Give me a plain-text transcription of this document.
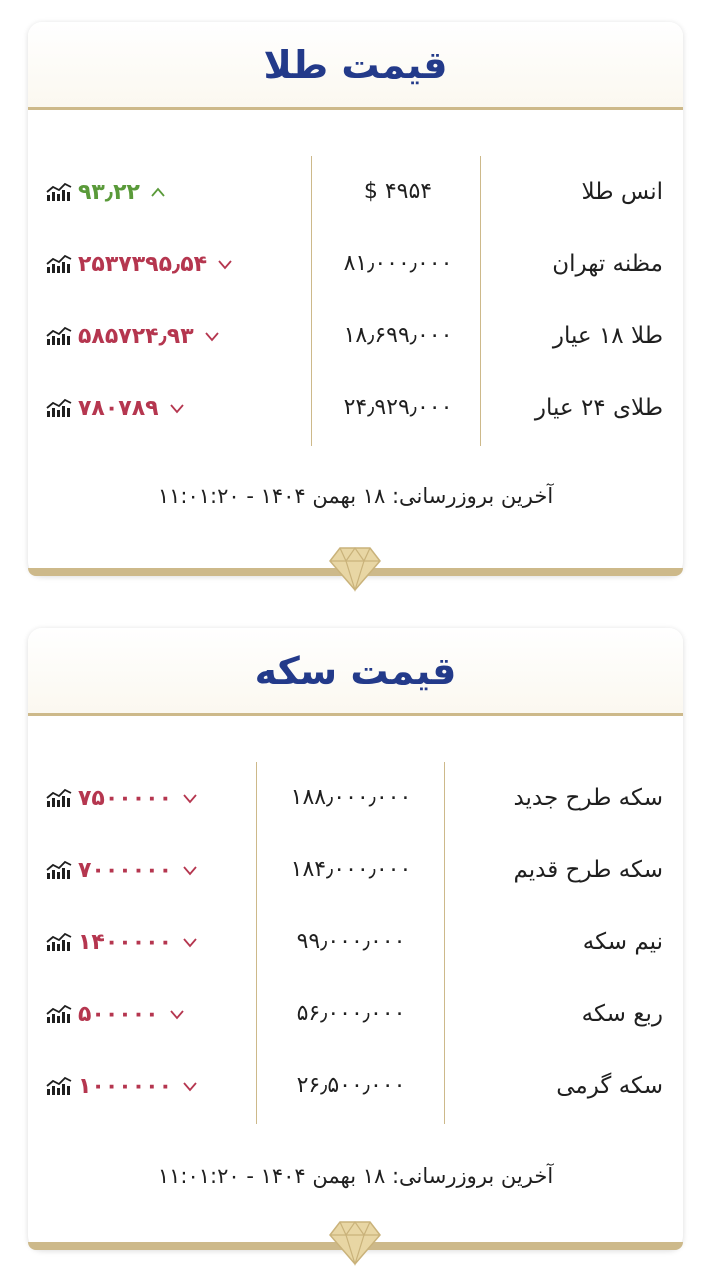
قیمت طلا
انس طلا
$ ۴۹۵۴
۹۳٫۲۲
مظنه تهران
۸۱٫۰۰۰٫۰۰۰
۲۵۳۷۳۹۵٫۵۴
طلا ۱۸ عیار
۱۸٫۶۹۹٫۰۰۰
۵۸۵۷۲۴٫۹۳
طلای ۲۴ عیار
۲۴٫۹۲۹٫۰۰۰
۷۸۰۷۸۹
آخرین بروزرسانی: ۱۸ بهمن ۱۴۰۴ - ۱۱:۰۱:۲۰
قیمت سکه
سکه طرح جدید
۱۸۸٫۰۰۰٫۰۰۰
۷۵۰۰۰۰۰
سکه طرح قدیم
۱۸۴٫۰۰۰٫۰۰۰
۷۰۰۰۰۰۰
نیم سکه
۹۹٫۰۰۰٫۰۰۰
۱۴۰۰۰۰۰
ربع سکه
۵۶٫۰۰۰٫۰۰۰
۵۰۰۰۰۰
سکه گرمی
۲۶٫۵۰۰٫۰۰۰
۱۰۰۰۰۰۰
آخرین بروزرسانی: ۱۸ بهمن ۱۴۰۴ - ۱۱:۰۱:۲۰
